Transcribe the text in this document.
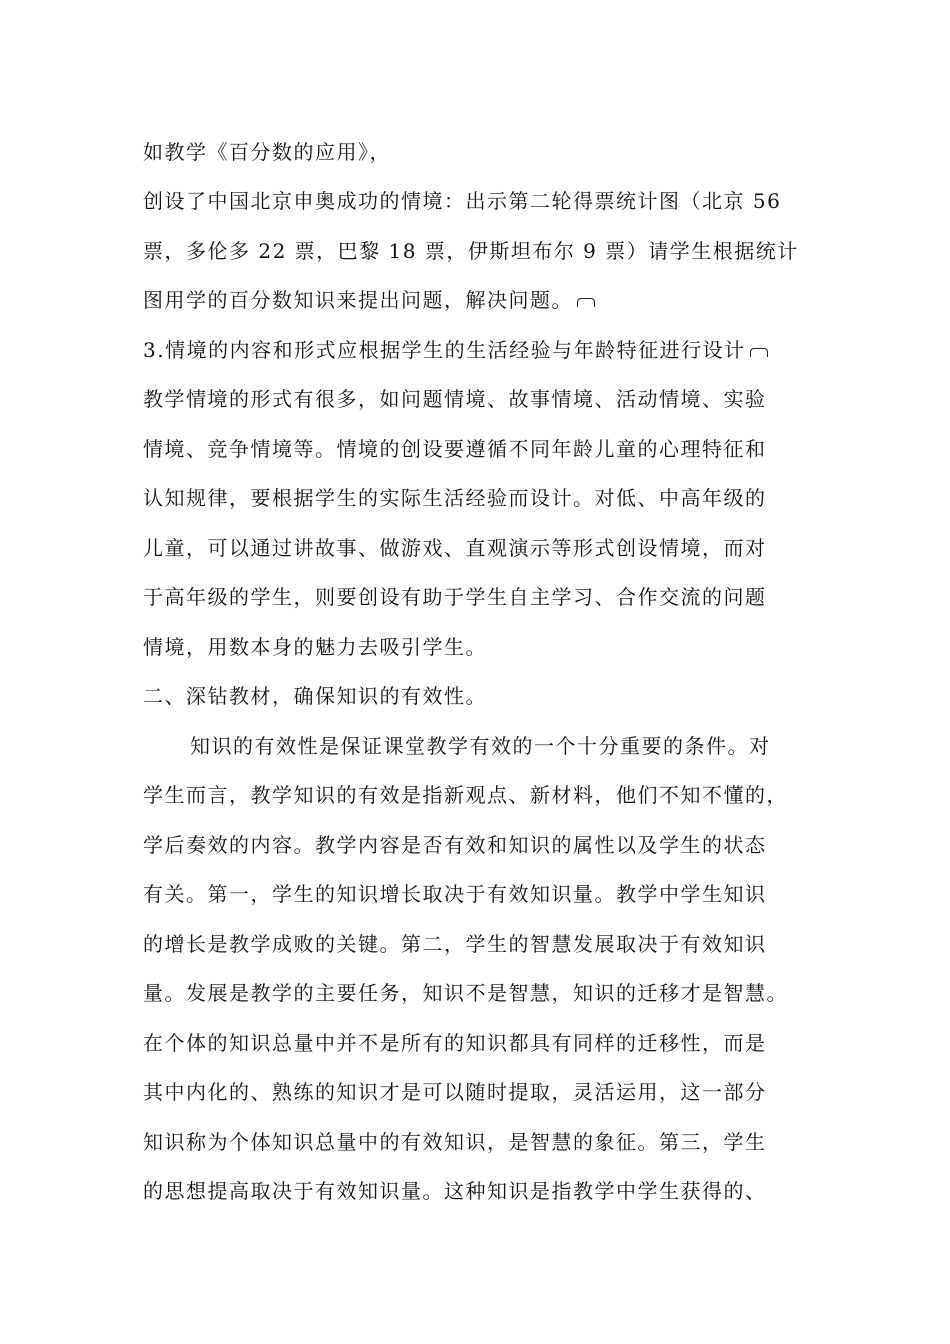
如教学《百分数的应用》，
创设了中国北京申奥成功的情境：出示第二轮得票统计图（北京 56
票，多伦多 22 票，巴黎 18 票，伊斯坦布尔 9 票）请学生根据统计
图用学的百分数知识来提出问题，解决问题。
3.情境的内容和形式应根据学生的生活经验与年龄特征进行设计
教学情境的形式有很多，如问题情境、故事情境、活动情境、实验
情境、竞争情境等。情境的创设要遵循不同年龄儿童的心理特征和
认知规律，要根据学生的实际生活经验而设计。对低、中高年级的
儿童，可以通过讲故事、做游戏、直观演示等形式创设情境，而对
于高年级的学生，则要创设有助于学生自主学习、合作交流的问题
情境，用数本身的魅力去吸引学生。
二、深钻教材，确保知识的有效性。
知识的有效性是保证课堂教学有效的一个十分重要的条件。对
学生而言，教学知识的有效是指新观点、新材料，他们不知不懂的，
学后奏效的内容。教学内容是否有效和知识的属性以及学生的状态
有关。第一，学生的知识增长取决于有效知识量。教学中学生知识
的增长是教学成败的关键。第二，学生的智慧发展取决于有效知识
量。发展是教学的主要任务，知识不是智慧，知识的迁移才是智慧。
在个体的知识总量中并不是所有的知识都具有同样的迁移性，而是
其中内化的、熟练的知识才是可以随时提取，灵活运用，这一部分
知识称为个体知识总量中的有效知识，是智慧的象征。第三，学生
的思想提高取决于有效知识量。这种知识是指教学中学生获得的、
